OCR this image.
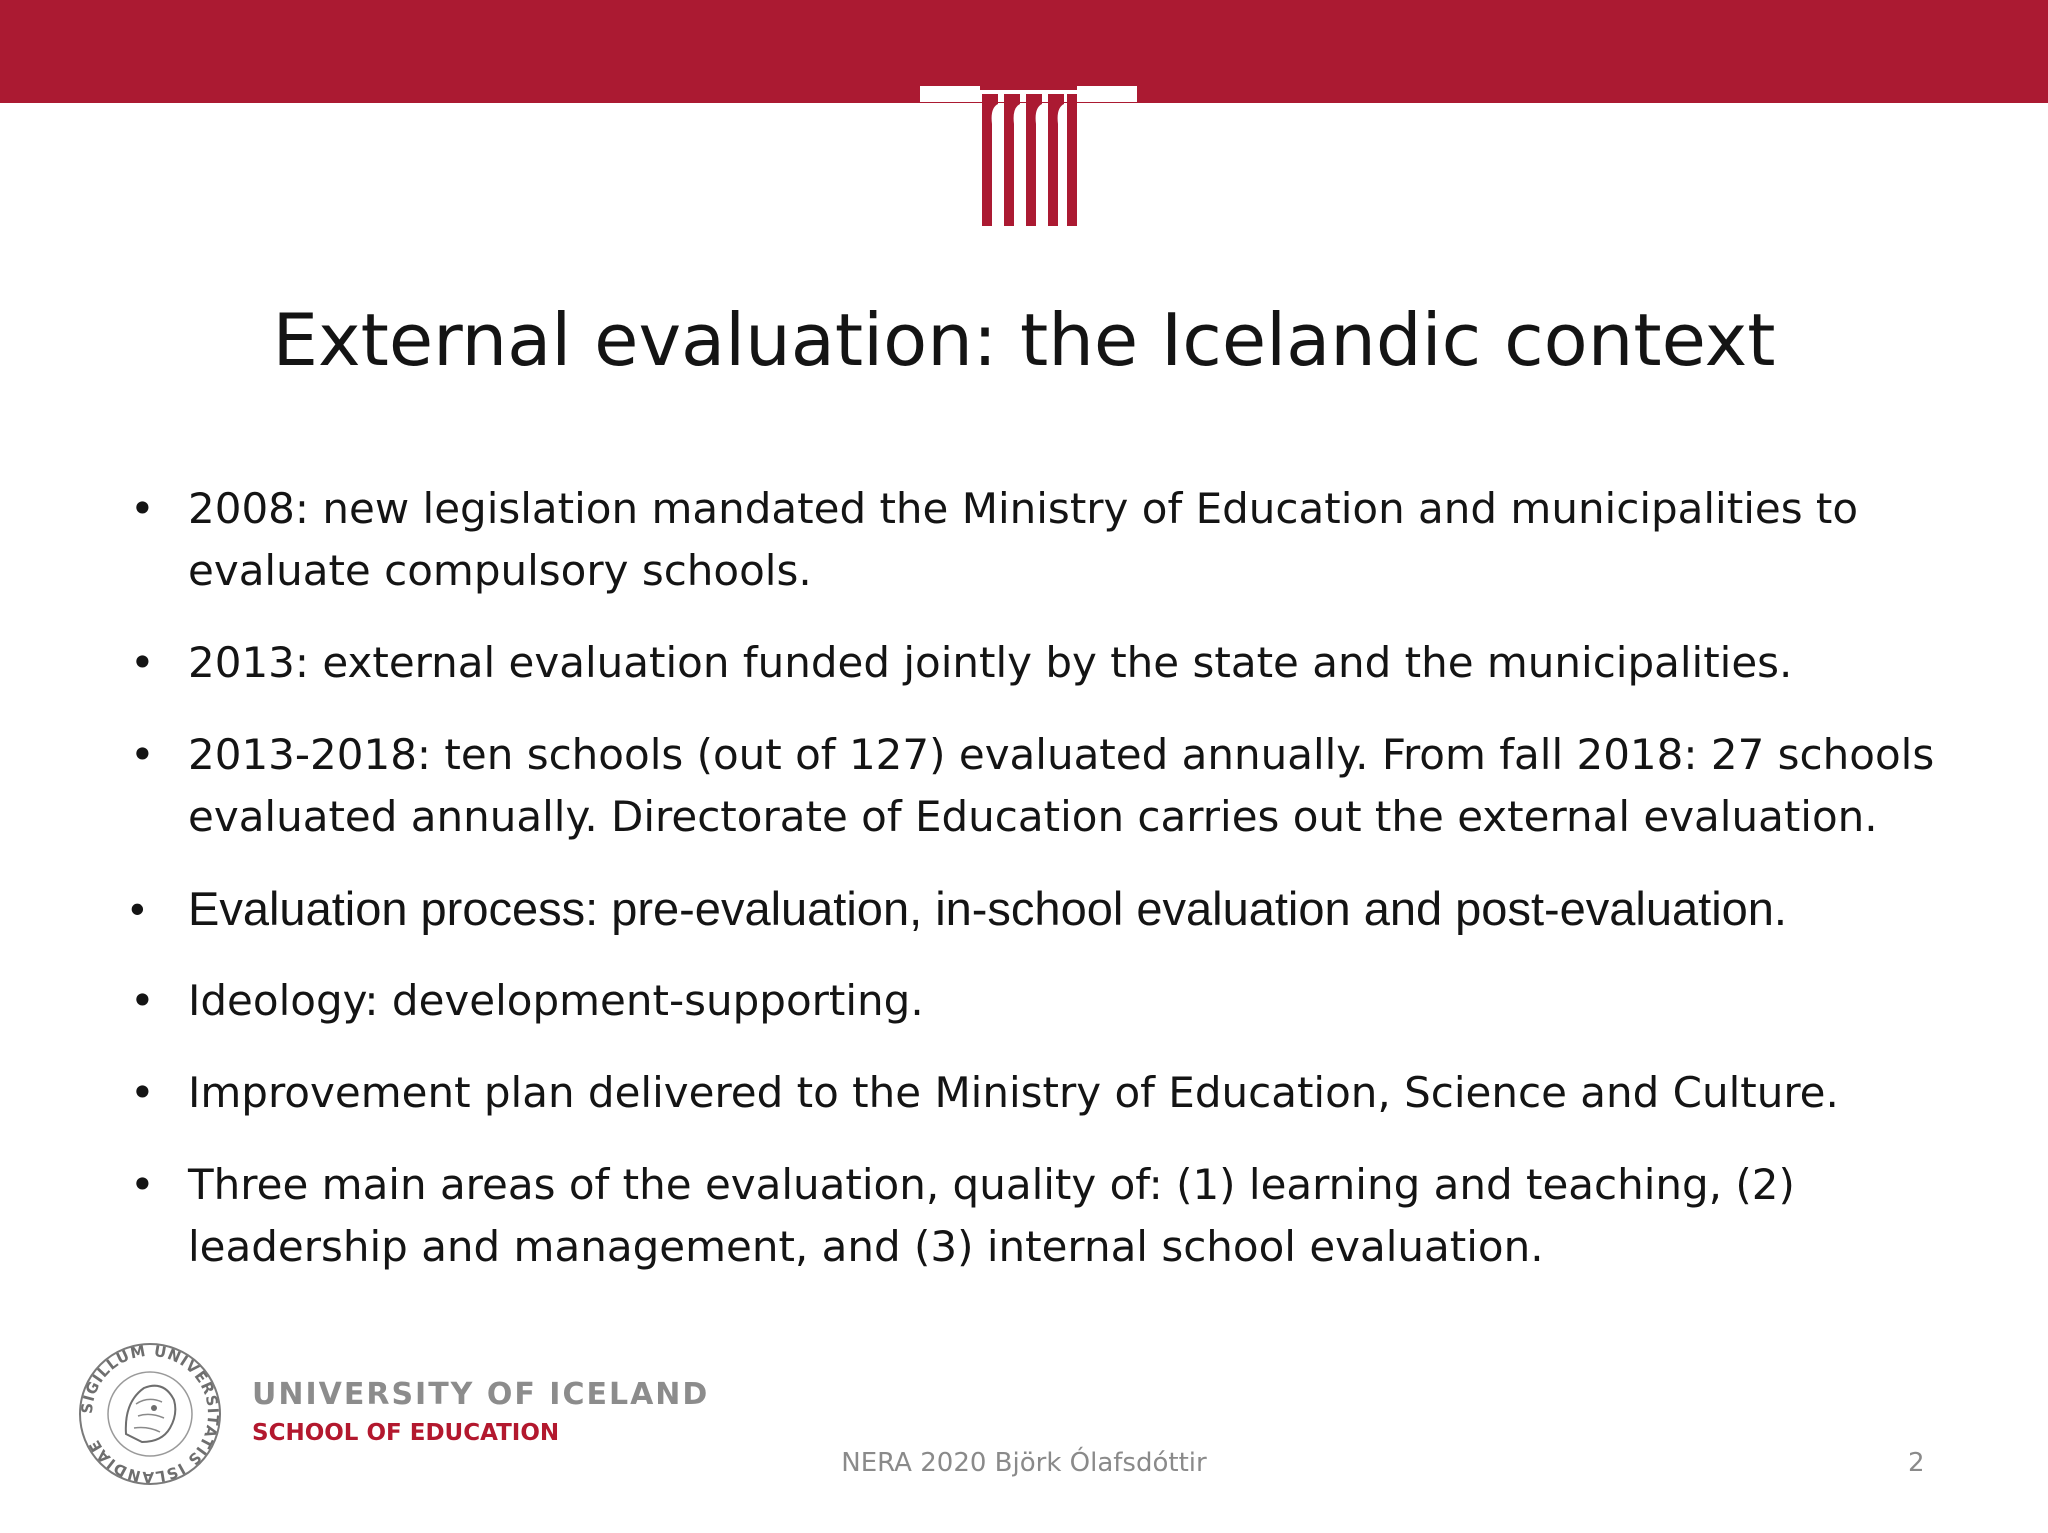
External evaluation: the Icelandic context
• 2008: new legislation mandated the Ministry of Education and municipalities to evaluate compulsory schools.
• 2013: external evaluation funded jointly by the state and the municipalities.
• 2013-2018: ten schools (out of 127) evaluated annually. From fall 2018: 27 schools evaluated annually. Directorate of Education carries out the external evaluation.
• Evaluation process: pre-evaluation, in-school evaluation and post-evaluation.
• Ideology: development-supporting.
• Improvement plan delivered to the Ministry of Education, Science and Culture.
• Three main areas of the evaluation, quality of: (1) learning and teaching, (2) leadership and management, and (3) internal school evaluation.
SIGILLUM UNIVERSITATIS ISLANDIAE
UNIVERSITY OF ICELAND
SCHOOL OF EDUCATION
NERA 2020 Björk Ólafsdóttir	2
